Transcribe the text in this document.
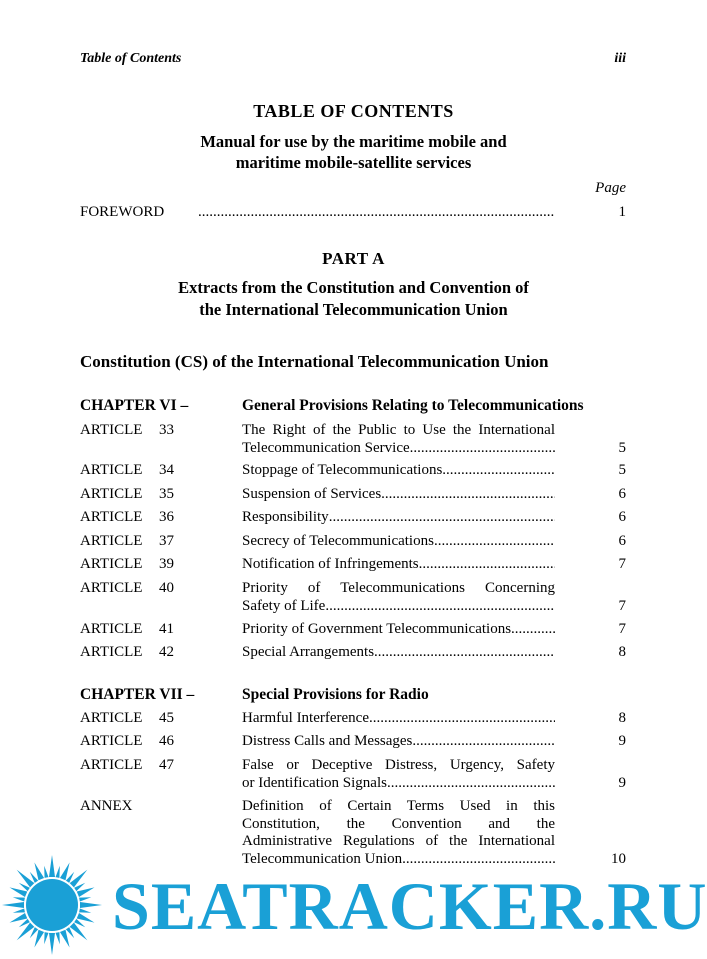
Table of Contents	iii
TABLE OF CONTENTS
Manual for use by the maritime mobile and
maritime mobile-satellite services
Page
FOREWORD .....	1
PART A
Extracts from the Constitution and Convention of
the International Telecommunication Union
Constitution (CS) of the International Telecommunication Union
CHAPTER VI –	General Provisions Relating to Telecommunications
ARTICLE 33	The Right of the Public to Use the International
Telecommunication Service .....	5
ARTICLE 34	Stoppage of Telecommunications .....	5
ARTICLE 35	Suspension of Services .....	6
ARTICLE 36	Responsibility .....	6
ARTICLE 37	Secrecy of Telecommunications .....	6
ARTICLE 39	Notification of Infringements .....	7
ARTICLE 40	Priority of Telecommunications Concerning
Safety of Life .....	7
ARTICLE 41	Priority of Government Telecommunications .....	7
ARTICLE 42	Special Arrangements .....	8
CHAPTER VII –	Special Provisions for Radio
ARTICLE 45	Harmful Interference .....	8
ARTICLE 46	Distress Calls and Messages .....	9
ARTICLE 47	False or Deceptive Distress, Urgency, Safety
or Identification Signals .....	9
ANNEX	Definition of Certain Terms Used in this
Constitution, the Convention and the
Administrative Regulations of the International
Telecommunication Union .....	10
SEATRACKER.RU
